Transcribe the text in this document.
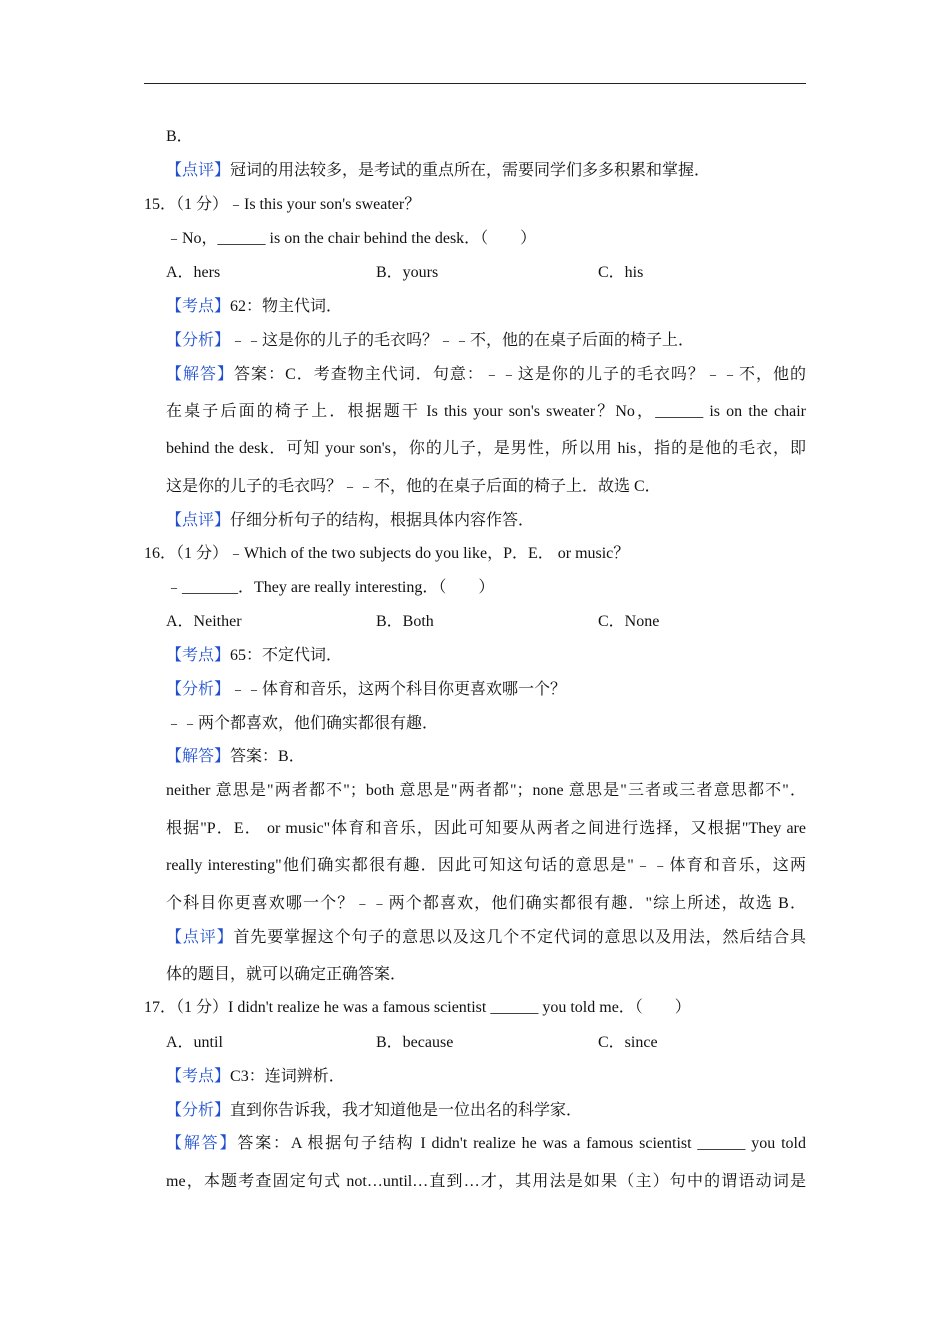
B．
【点评】冠词的用法较多，是考试的重点所在，需要同学们多多积累和掌握．
15．（1 分）﹣Is this your son's sweater？
﹣No，______ is on the chair behind the desk．（　　）
A．hers	B．yours	C．his
【考点】62：物主代词．
【分析】﹣﹣这是你的儿子的毛衣吗？﹣﹣不，他的在桌子后面的椅子上．
【解答】答案：C．考查物主代词．句意：﹣﹣这是你的儿子的毛衣吗？﹣﹣不，他的
在桌子后面的椅子上．根据题干 Is this your son's sweater？No，______ is on the chair
behind the desk．可知 your son's，你的儿子，是男性，所以用 his，指的是他的毛衣，即
这是你的儿子的毛衣吗？﹣﹣不，他的在桌子后面的椅子上．故选 C．
【点评】仔细分析句子的结构，根据具体内容作答．
16．（1 分）﹣Which of the two subjects do you like，P．E． or music？
﹣_______．They are really interesting．（　　）
A．Neither	B．Both	C．None
【考点】65：不定代词．
【分析】﹣﹣体育和音乐，这两个科目你更喜欢哪一个？
﹣﹣两个都喜欢，他们确实都很有趣．
【解答】答案：B．
neither 意思是"两者都不"；both 意思是"两者都"；none 意思是"三者或三者意思都不"．
根据"P．E． or music"体育和音乐，因此可知要从两者之间进行选择，又根据"They are
really interesting"他们确实都很有趣．因此可知这句话的意思是"﹣﹣体育和音乐，这两
个科目你更喜欢哪一个？﹣﹣两个都喜欢，他们确实都很有趣．"综上所述，故选 B．
【点评】首先要掌握这个句子的意思以及这几个不定代词的意思以及用法，然后结合具
体的题目，就可以确定正确答案．
17．（1 分）I didn't realize he was a famous scientist ______ you told me．（　　）
A．until	B．because	C．since
【考点】C3：连词辨析．
【分析】直到你告诉我，我才知道他是一位出名的科学家．
【解答】答案：A 根据句子结构 I didn't realize he was a famous scientist ______ you told
me，本题考查固定句式 not…until…直到…才，其用法是如果（主）句中的谓语动词是
